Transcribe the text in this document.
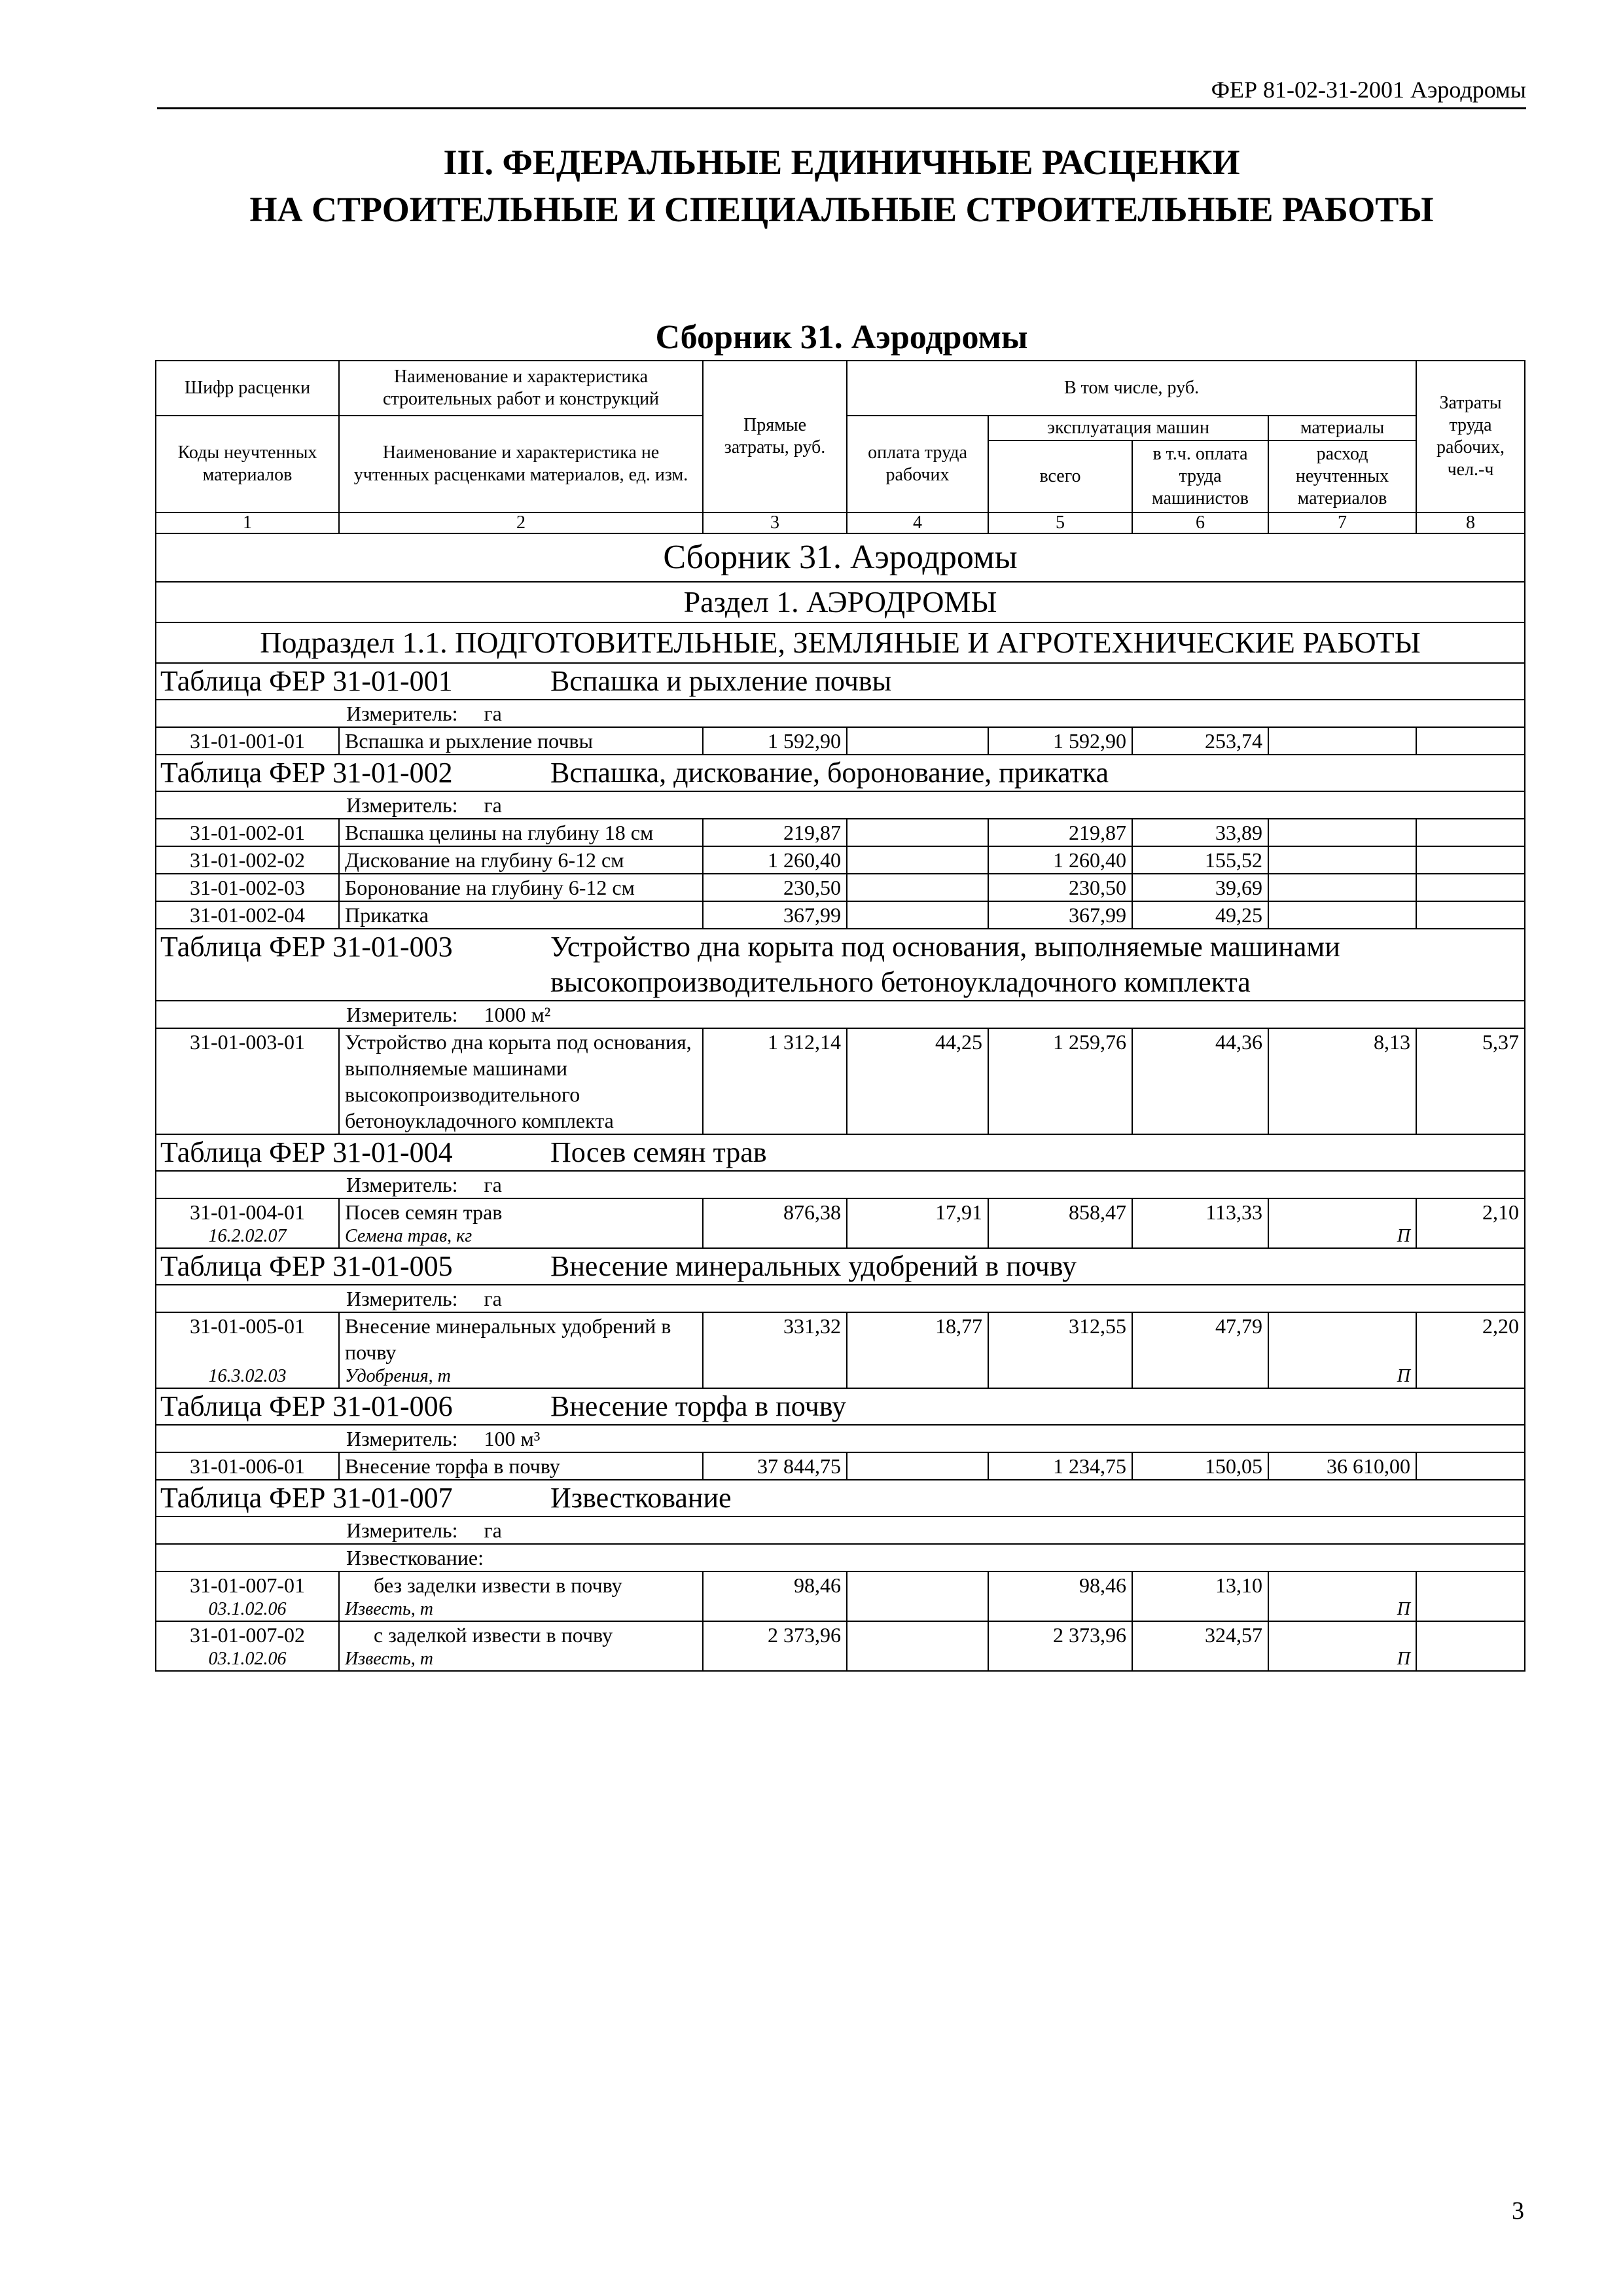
ФЕР 81-02-31-2001 Аэродромы
III. ФЕДЕРАЛЬНЫЕ ЕДИНИЧНЫЕ РАСЦЕНКИ
НА СТРОИТЕЛЬНЫЕ И СПЕЦИАЛЬНЫЕ СТРОИТЕЛЬНЫЕ РАБОТЫ
Сборник 31. Аэродромы
Шифр расценки	Наименование и характеристика строительных работ и конструкций	Прямые затраты, руб.	В том числе, руб.				Затраты труда рабочих, чел.-ч
Коды неучтенных материалов	Наименование и характеристика не учтенных расценками материалов, ед. изм.		оплата труда рабочих	эксплуатация машин		материалы	
				всего	в т.ч. оплата труда машинистов	расход неучтенных материалов	
1	2	3	4	5	6	7	8
Сборник 31. Аэродромы							
Раздел 1. АЭРОДРОМЫ							
Подраздел 1.1. ПОДГОТОВИТЕЛЬНЫЕ, ЗЕМЛЯНЫЕ И АГРОТЕХНИЧЕСКИЕ РАБОТЫ							
Таблица ФЕР 31-01-001 Вспашка и рыхление почвы							
Измеритель: га							
31-01-001-01	Вспашка и рыхление почвы	1 592,90		1 592,90	253,74		
Таблица ФЕР 31-01-002 Вспашка, дискование, боронование, прикатка							
Измеритель: га							
31-01-002-01	Вспашка целины на глубину 18 см	219,87		219,87	33,89		
31-01-002-02	Дискование на глубину 6-12 см	1 260,40		1 260,40	155,52		
31-01-002-03	Боронование на глубину 6-12 см	230,50		230,50	39,69		
31-01-002-04	Прикатка	367,99		367,99	49,25		
Таблица ФЕР 31-01-003 Устройство дна корыта под основания, выполняемые машинами высокопроизводительного бетоноукладочного комплекта							
Измеритель: 1000 м²							
31-01-003-01	Устройство дна корыта под основания, выполняемые машинами высокопроизводительного бетоноукладочного комплекта	1 312,14	44,25	1 259,76	44,36	8,13	5,37
Таблица ФЕР 31-01-004 Посев семян трав							
Измеритель: га							
31-01-004-01	Посев семян трав	876,38	17,91	858,47	113,33		2,10
16.2.02.07	Семена трав, кг					П	
Таблица ФЕР 31-01-005 Внесение минеральных удобрений в почву							
Измеритель: га							
31-01-005-01	Внесение минеральных удобрений в почву	331,32	18,77	312,55	47,79		2,20
16.3.02.03	Удобрения, т					П	
Таблица ФЕР 31-01-006 Внесение торфа в почву							
Измеритель: 100 м³							
31-01-006-01	Внесение торфа в почву	37 844,75		1 234,75	150,05	36 610,00	
Таблица ФЕР 31-01-007 Известкование							
Измеритель: га							
Известкование:							
31-01-007-01	без заделки извести в почву	98,46		98,46	13,10		
03.1.02.06	Известь, т					П	
31-01-007-02	с заделкой извести в почву	2 373,96		2 373,96	324,57		
03.1.02.06	Известь, т					П	
3
